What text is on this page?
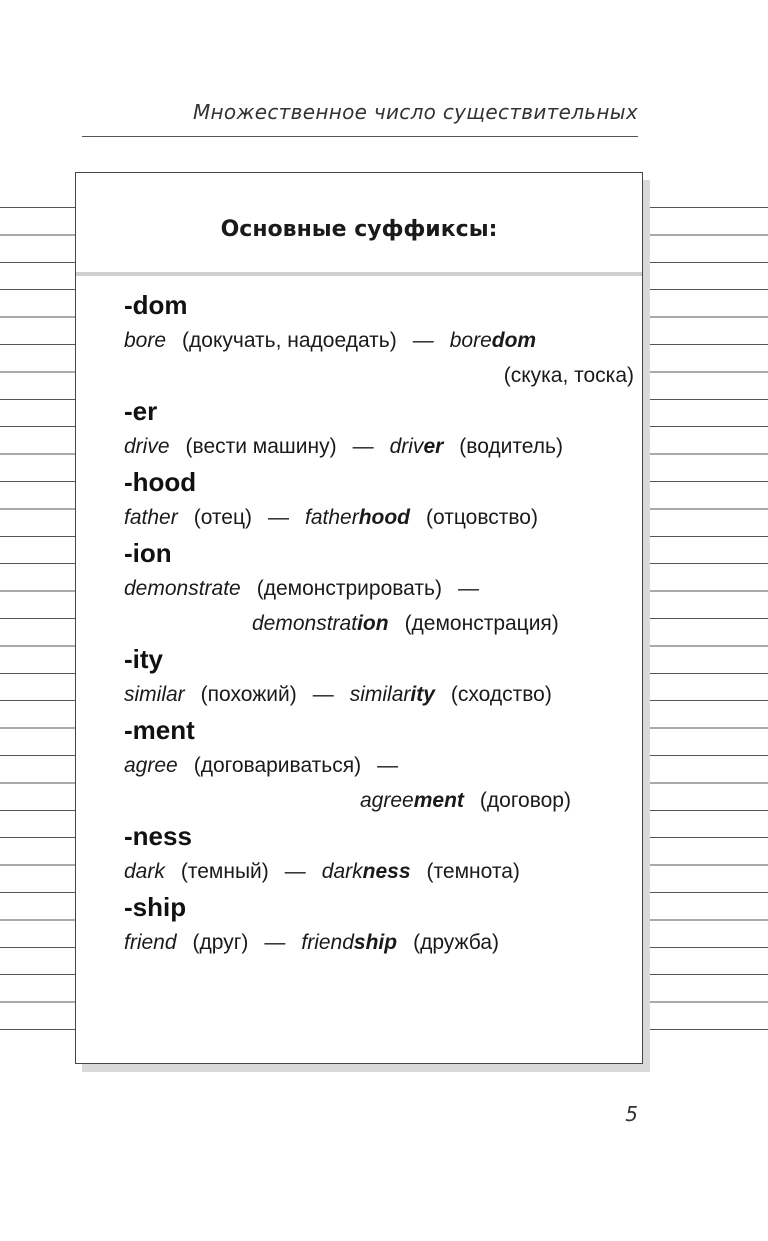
Множественное число существительных
Основные суффиксы:
-dom
bore (докучать, надоедать) — boredom
(скука, тоска)
-er
drive (вести машину) — driver (водитель)
-hood
father (отец) — fatherhood (отцовство)
-ion
demonstrate (демонстрировать) —
demonstration (демонстрация)
-ity
similar (похожий) — similarity (сходство)
-ment
agree (договариваться) —
agreement (договор)
-ness
dark (темный) — darkness (темнота)
-ship
friend (друг) — friendship (дружба)
5
